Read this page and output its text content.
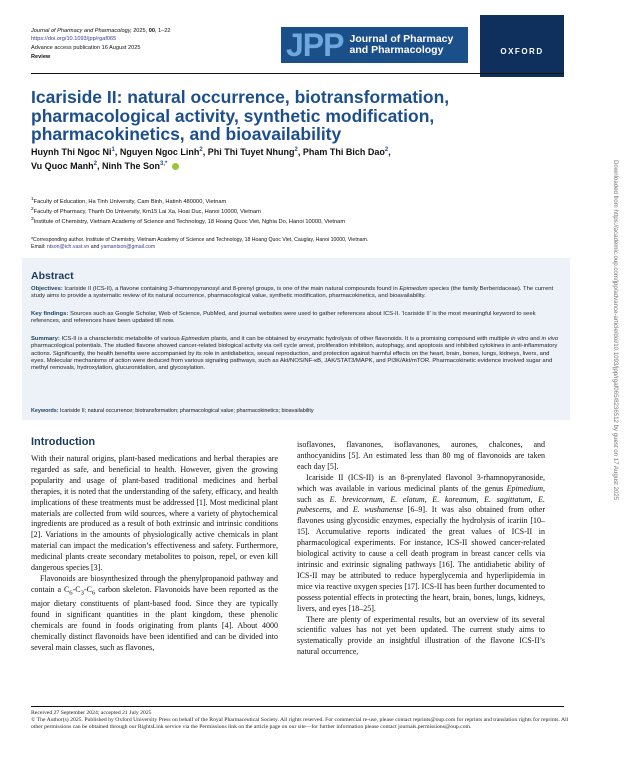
Journal of Pharmacy and Pharmacology, 2025, 00, 1–22
https://doi.org/10.1093/jpp/rgaf065
Advance access publication 16 August 2025
Review	JPP Journal of Pharmacy
and Pharmacology	OXFORD
Icariside II: natural occurrence, biotransformation, pharmacological activity, synthetic modification, pharmacokinetics, and bioavailability
Huynh Thi Ngoc Ni$^1$, Nguyen Ngoc Linh$^2$, Phi Thi Tuyet Nhung$^2$, Pham Thi Bich Dao$^2$,
Vu Quoc Manh$^2$, Ninh The Son$^{3,*}$
$^1$Faculty of Education, Ha Tinh University, Cam Binh, Hatinh 480000, Vietnam
$^2$Faculty of Pharmacy, Thanh Do University, Km15 Lai Xa, Hoai Duc, Hanoi 10000, Vietnam
$^3$Institute of Chemistry, Vietnam Academy of Science and Technology, 18 Hoang Quoc Viet, Nghia Do, Hanoi 10000, Vietnam
*Corresponding author. Institute of Chemistry, Vietnam Academy of Science and Technology, 18 Hoang Quoc Viet, Cauglay, Hanoi 10000, Vietnam.
Email: ntson@ich.vast.vn and yamantson@gmail.com
Abstract
Objectives: Icariside II (ICS-II), a flavone containing 3-rhamnopyranosyl and 8-prenyl groups, is one of the main natural compounds found in Epimedum species (the family Berberidaceae). The current study aims to provide a systematic review of its natural occurrence, pharmacological value, synthetic modification, pharmacokinetics, and bioavailability.
Key findings: Sources such as Google Scholar, Web of Science, PubMed, and journal websites were used to gather references about ICS-II. ‘Icariside II’ is the most meaningful keyword to seek references, and references have been updated till now.
Summary: ICS-II is a characteristic metabolite of various Epimedum plants, and it can be obtained by enzymatic hydrolysis of other flavonoids. It is a promising compound with multiple in vitro and in vivo pharmacological potentials. The studied flavone showed cancer-related biological activity via cell cycle arrest, proliferation inhibition, autophagy, and apoptosis and inhibited cytokines in anti-inflammatory actions. Significantly, the health benefits were accompanied by its role in antidiabetics, sexual reproduction, and protection against harmful effects on the heart, brain, bones, lungs, kidneys, livers, and eyes. Molecular mechanisms of action were deduced from various signaling pathways, such as Akt/NOS/NF-κB, JAK/STAT3/MAPK, and PI3K/Akt/mTOR. Pharmacokinetic evidence involved sugar and methyl removals, hydroxylation, glucuronidation, and glycosylation.
Keywords: Icariside II; natural occurrence; biotransformation; pharmacological value; pharmacokinetics; bioavailability
Introduction

With their natural origins, plant-based medications and herbal therapies are regarded as safe, and beneficial to health. However, given the growing popularity and usage of plant-based traditional medicines and herbal therapies, it is noted that the understanding of the safety, efficacy, and health implications of these treatments must be addressed [1]. Most medicinal plant materials are collected from wild sources, where a variety of phytochemical ingredients are produced as a result of both extrinsic and intrinsic conditions [2]. Variations in the amounts of physiologically active chemicals in plant material can impact the medication’s effectiveness and safety. Furthermore, medicinal plants create secondary metabolites to poison, repel, or even kill dangerous species [3].

Flavonoids are biosynthesized through the phenylpropanoid pathway and contain a $C_6-C_3-C_6$ carbon skeleton. Flavonoids have been reported as the major dietary constituents of plant-based food. Since they are typically found in significant quantities in the plant kingdom, these phenolic chemicals are found in foods originating from plants [4]. About 4000 chemically distinct flavonoids have been identified and can be divided into several main classes, such as flavones,

isoflavones, flavanones, isoflavanones, aurones, chalcones, and anthocyanidins [5]. An estimated less than 80 mg of flavonoids are taken each day [5].

Icariside II (ICS-II) is an 8-prenylated flavonol 3-rhamnopyranoside, which was available in various medicinal plants of the genus Epimedium, such as E. brevicornum, E. elatum, E. koreanum, E. sagittatum, E. pubescens, and E. wushanense [6–9]. It was also obtained from other flavones using glycosidic enzymes, especially the hydrolysis of icariin [10–15]. Accumulative reports indicated the great values of ICS-II in pharmacological experiments. For instance, ICS-II showed cancer-related biological activity to cause a cell death program in breast cancer cells via intrinsic and extrinsic signaling pathways [16]. The antidiabetic ability of ICS-II may be attributed to reduce hyperglycemia and hyperlipidemia in mice via reactive oxygen species [17]. ICS-II has been further documented to possess potential effects in protecting the heart, brain, bones, lungs, kidneys, livers, and eyes [18–25].

There are plenty of experimental results, but an overview of its several scientific values has not yet been updated. The current study aims to systematically provide an insightful illustration of the flavone ICS-II’s natural occurrence,

Received 27 September 2024; accepted 21 July 2025
© The Author(s) 2025. Published by Oxford University Press on behalf of the Royal Pharmaceutical Society. All rights reserved. For commercial re-use, please contact reprints@oup.com for reprints and translation rights for reprints. All other permissions can be obtained through our RightsLink service via the Permissions link on the article page on our site—for further information please contact journals.permissions@oup.com.
Downloaded from https://academic.oup.com/jpp/advance-article/doi/10.1093/jpp/rgaf065/8236512 by guest on 17 August 2025
